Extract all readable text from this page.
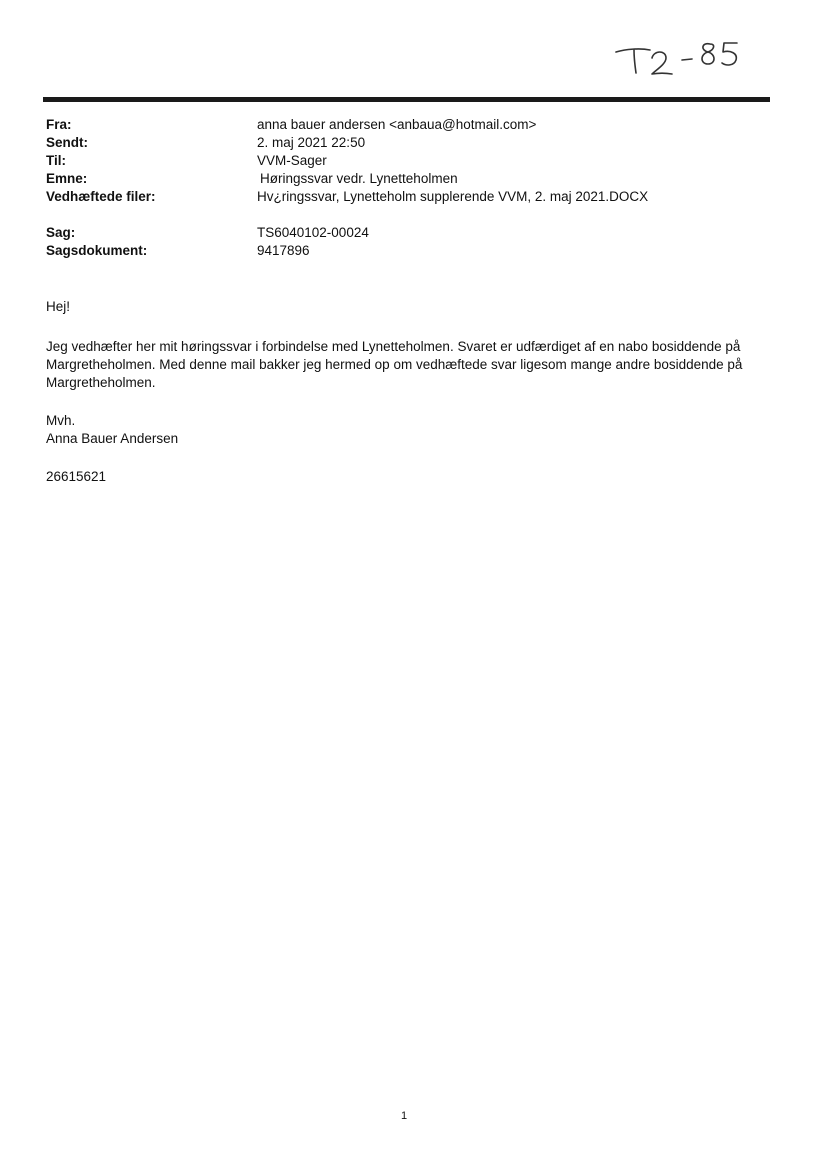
Fra:	anna bauer andersen <anbaua@hotmail.com>
Sendt:	2. maj 2021 22:50
Til:	VVM-Sager
Emne:	Høringssvar vedr. Lynetteholmen
Vedhæftede filer:	Hv¿ringssvar, Lynetteholm supplerende VVM, 2. maj 2021.DOCX
Sag:	TS6040102-00024
Sagsdokument:	9417896
Hej!
Jeg vedhæfter her mit høringssvar i forbindelse med Lynetteholmen. Svaret er udfærdiget af en nabo bosiddende på Margretheholmen. Med denne mail bakker jeg hermed op om vedhæftede svar ligesom mange andre bosiddende på Margretheholmen.
Mvh.
Anna Bauer Andersen
26615621
1
